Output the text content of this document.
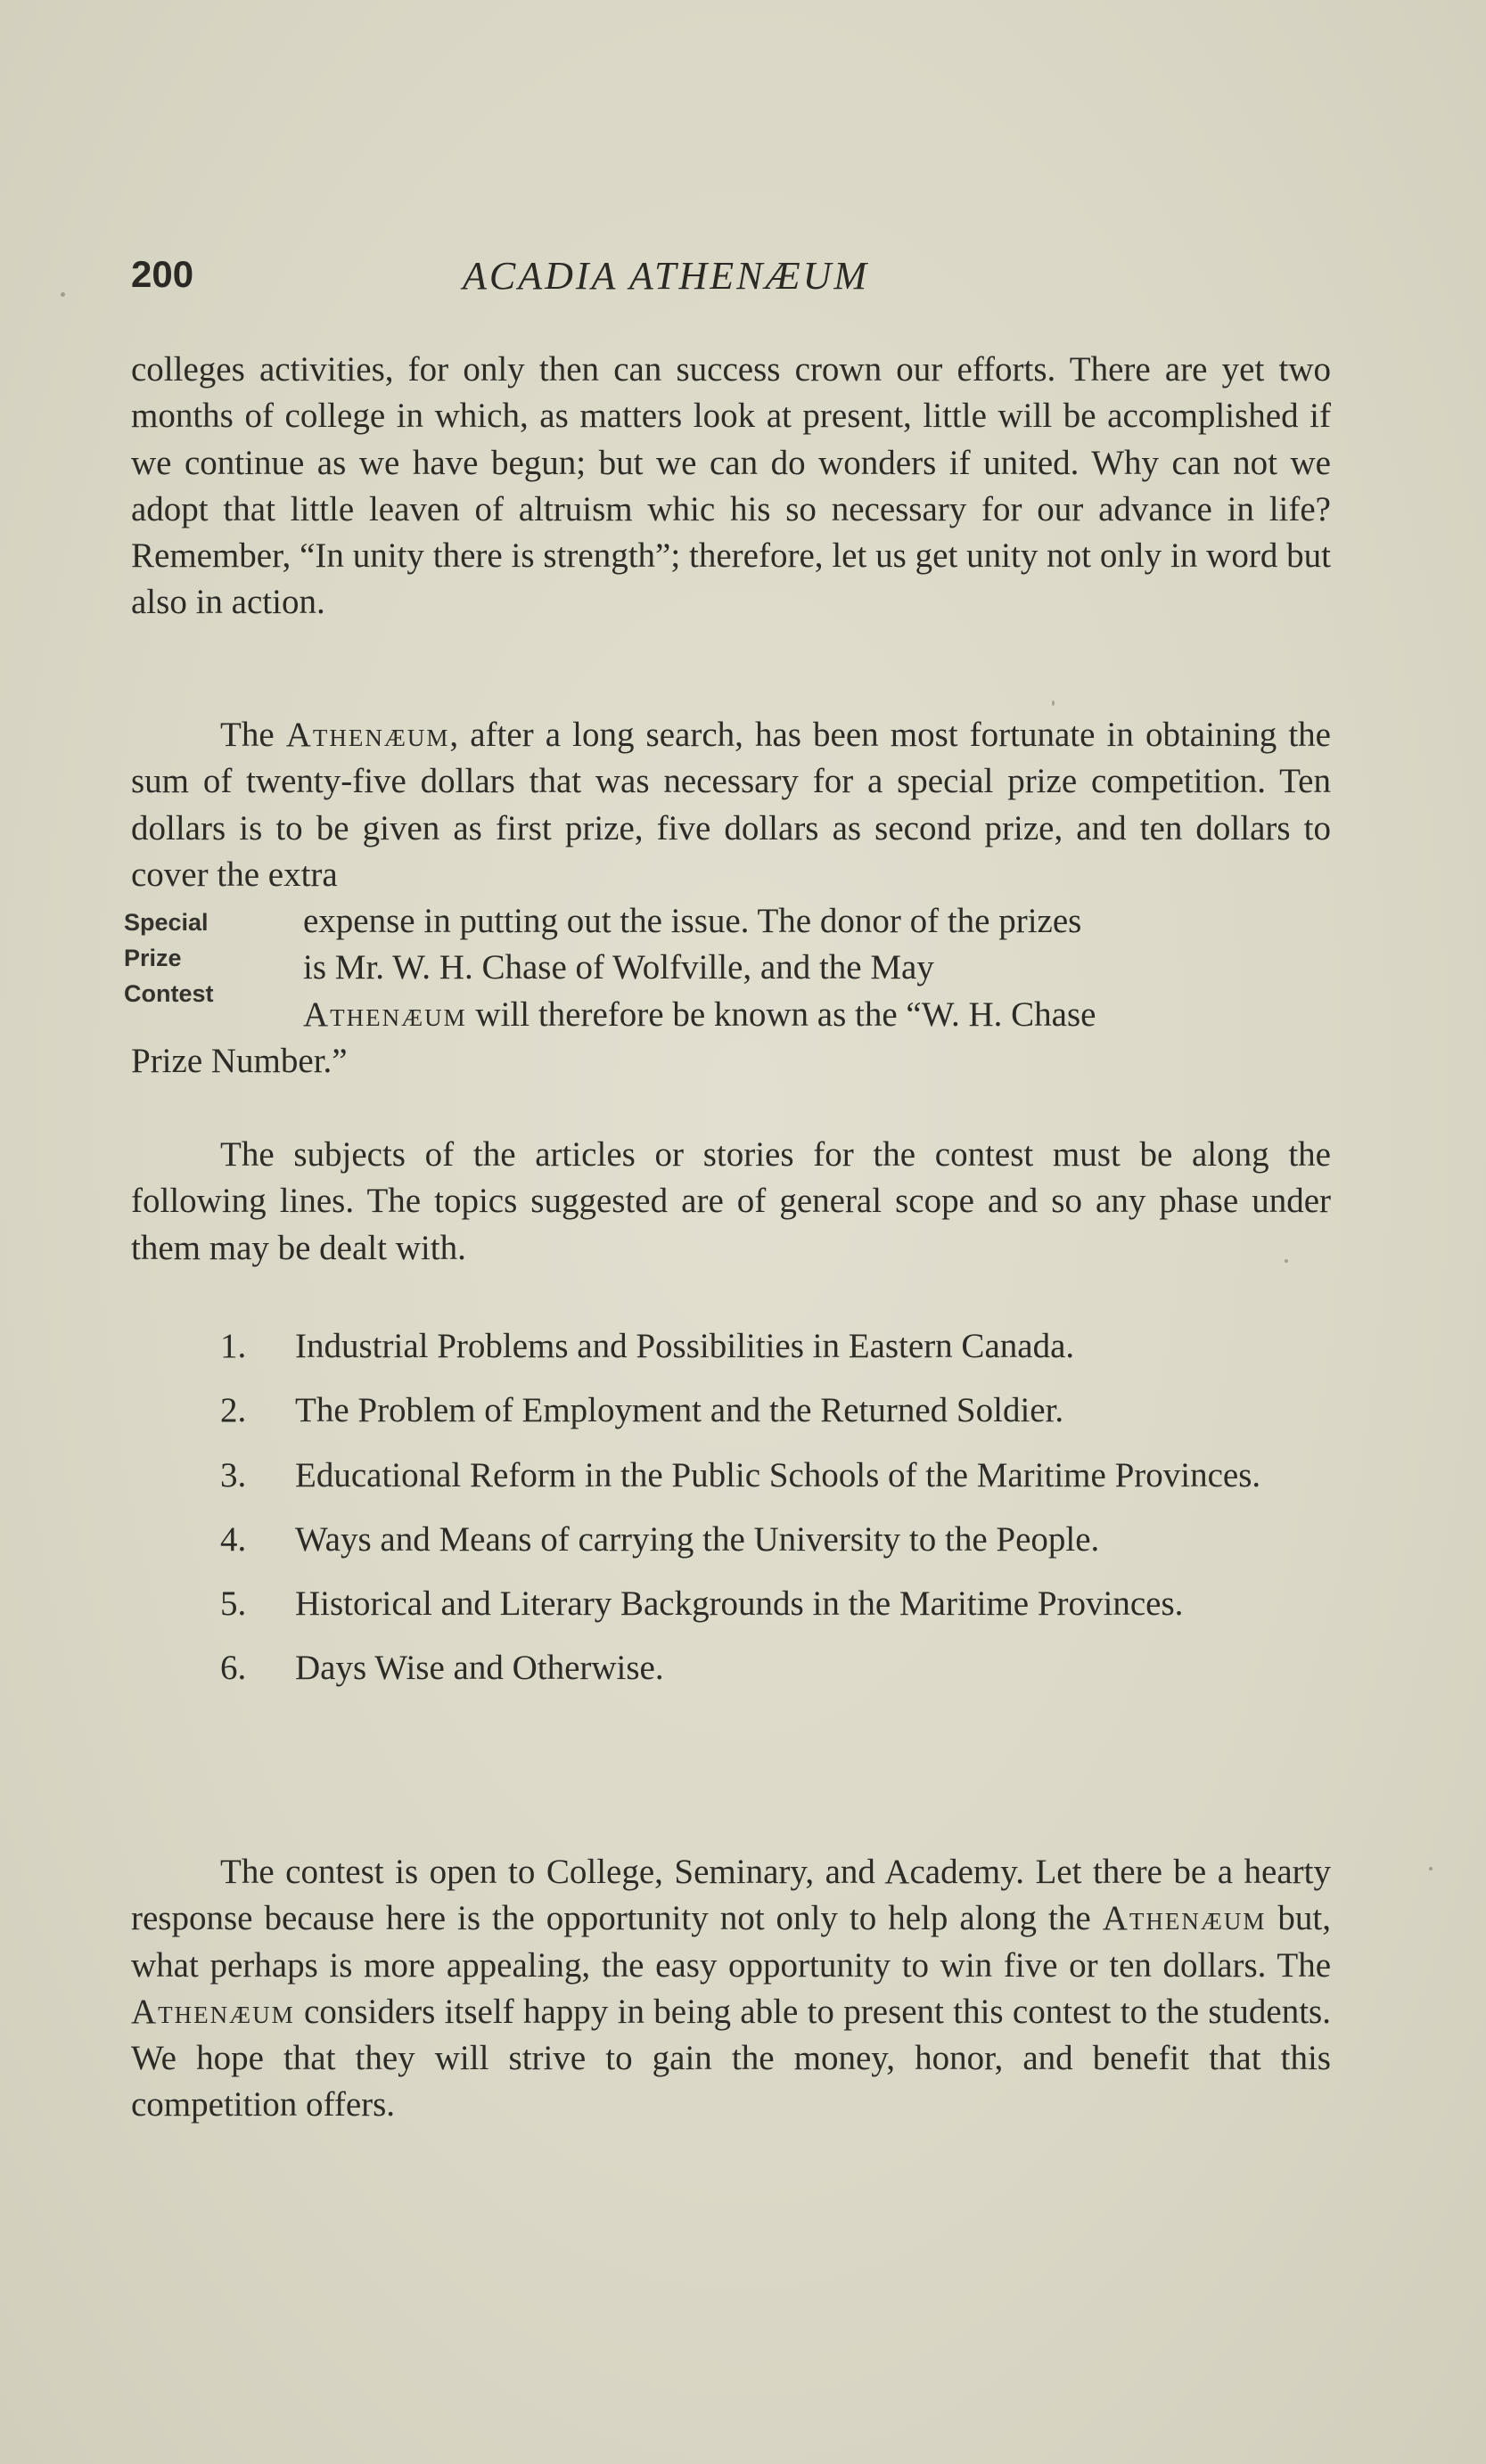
200	ACADIA ATHENÆUM

colleges activities, for only then can success crown our efforts. There are yet two months of college in which, as matters look at present, little will be accomplished if we continue as we have begun; but we can do wonders if united. Why can not we adopt that little leaven of altruism whic his so necessary for our advance in life? Remember, “In unity there is strength”; therefore, let us get unity not only in word but also in action.

The Athenæum, after a long search, has been most fortunate in obtaining the sum of twenty-five dollars that was necessary for a special prize competition. Ten dollars is to be given as first prize, five dollars as second prize, and ten dollars to cover the extra

expense in putting out the issue. The donor of the prizes

is Mr. W. H. Chase of Wolfville, and the May

Athenæum will therefore be known as the “W. H. Chase

Prize Number.”

Special
Prize
Contest

The subjects of the articles or stories for the contest must be along the following lines. The topics suggested are of general scope and so any phase under them may be dealt with.

1. Industrial Problems and Possibilities in Eastern Canada.
2. The Problem of Employment and the Returned Soldier.
3. Educational Reform in the Public Schools of the Maritime Provinces.
4. Ways and Means of carrying the University to the People.
5. Historical and Literary Backgrounds in the Maritime Provinces.
6. Days Wise and Otherwise.

The contest is open to College, Seminary, and Academy. Let there be a hearty response because here is the opportunity not only to help along the Athenæum but, what perhaps is more appealing, the easy opportunity to win five or ten dollars. The Athenæum considers itself happy in being able to present this contest to the students. We hope that they will strive to gain the money, honor, and benefit that this competition offers.
